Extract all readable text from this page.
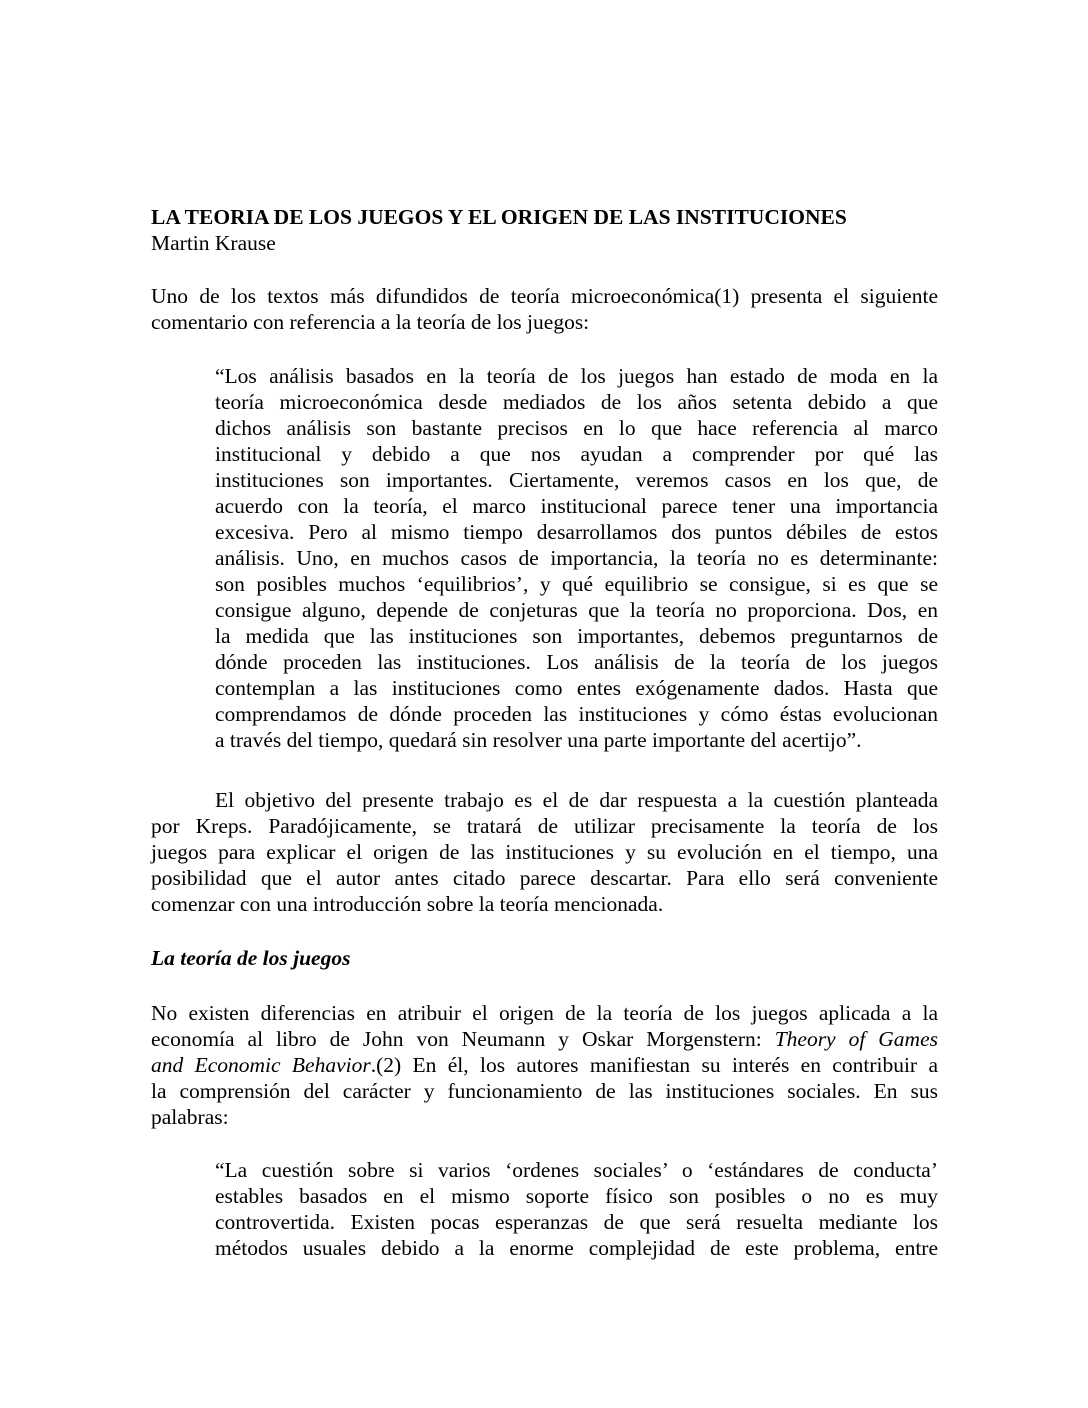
LA TEORIA DE LOS JUEGOS Y EL ORIGEN DE LAS INSTITUCIONES
Martin Krause
Uno de los textos más difundidos de teoría microeconómica(1) presenta el siguiente
comentario con referencia a la teoría de los juegos:
“Los análisis basados en la teoría de los juegos han estado de moda en la
teoría microeconómica desde mediados de los años setenta debido a que
dichos análisis son bastante precisos en lo que hace referencia al marco
institucional y debido a que nos ayudan a comprender por qué las
instituciones son importantes. Ciertamente, veremos casos en los que, de
acuerdo con la teoría, el marco institucional parece tener una importancia
excesiva. Pero al mismo tiempo desarrollamos dos puntos débiles de estos
análisis. Uno, en muchos casos de importancia, la teoría no es determinante:
son posibles muchos ‘equilibrios’, y qué equilibrio se consigue, si es que se
consigue alguno, depende de conjeturas que la teoría no proporciona. Dos, en
la medida que las instituciones son importantes, debemos preguntarnos de
dónde proceden las instituciones. Los análisis de la teoría de los juegos
contemplan a las instituciones como entes exógenamente dados. Hasta que
comprendamos de dónde proceden las instituciones y cómo éstas evolucionan
a través del tiempo, quedará sin resolver una parte importante del acertijo”.
El objetivo del presente trabajo es el de dar respuesta a la cuestión planteada
por Kreps. Paradójicamente, se tratará de utilizar precisamente la teoría de los
juegos para explicar el origen de las instituciones y su evolución en el tiempo, una
posibilidad que el autor antes citado parece descartar. Para ello será conveniente
comenzar con una introducción sobre la teoría mencionada.
La teoría de los juegos
No existen diferencias en atribuir el origen de la teoría de los juegos aplicada a la
economía al libro de John von Neumann y Oskar Morgenstern: Theory of Games
and Economic Behavior.(2) En él, los autores manifiestan su interés en contribuir a
la comprensión del carácter y funcionamiento de las instituciones sociales. En sus
palabras:
“La cuestión sobre si varios ‘ordenes sociales’ o ‘estándares de conducta’
estables basados en el mismo soporte físico son posibles o no es muy
controvertida. Existen pocas esperanzas de que será resuelta mediante los
métodos usuales debido a la enorme complejidad de este problema, entre
